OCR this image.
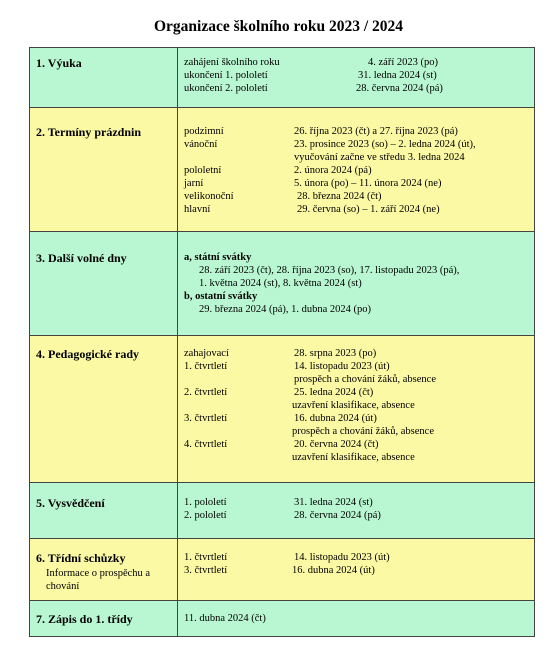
Organizace školního roku 2023 / 2024
1. Výuka	zahájení školního roku	4. září 2023 (po)
ukončení 1. pololetí	31. ledna 2024 (st)
ukončení 2. pololetí	28. června 2024 (pá)
2. Termíny prázdnin	podzimní	26. října 2023 (čt) a 27. října 2023 (pá)
vánoční	23. prosince 2023 (so) – 2. ledna 2024 (út),
vyučování začne ve středu 3. ledna 2024
pololetní	2. února 2024 (pá)
jarní	5. února (po) – 11. února 2024 (ne)
velikonoční	28. března 2024 (čt)
hlavní	29. června (so) – 1. září 2024 (ne)
3. Další volné dny	a, státní svátky
28. září 2023 (čt), 28. října 2023 (so), 17. listopadu 2023 (pá),
1. května 2024 (st), 8. května 2024 (st)
b, ostatní svátky
29. března 2024 (pá), 1. dubna 2024 (po)
4. Pedagogické rady	zahajovací	28. srpna 2023 (po)
1. čtvrtletí	14. listopadu 2023 (út)
prospěch a chování žáků, absence
2. čtvrtletí	25. ledna 2024 (čt)
uzavření klasifikace, absence
3. čtvrtletí	16. dubna 2024 (út)
prospěch a chování žáků, absence
4. čtvrtletí	20. června 2024 (čt)
uzavření klasifikace, absence
5. Vysvědčení	1. pololetí	31. ledna 2024 (st)
2. pololetí	28. června 2024 (pá)
6. Třídní schůzky
Informace o prospěchu a
chování
1. čtvrtletí	14. listopadu 2023 (út)
3. čtvrtletí	16. dubna 2024 (út)
7. Zápis do 1. třídy	11. dubna 2024 (čt)
